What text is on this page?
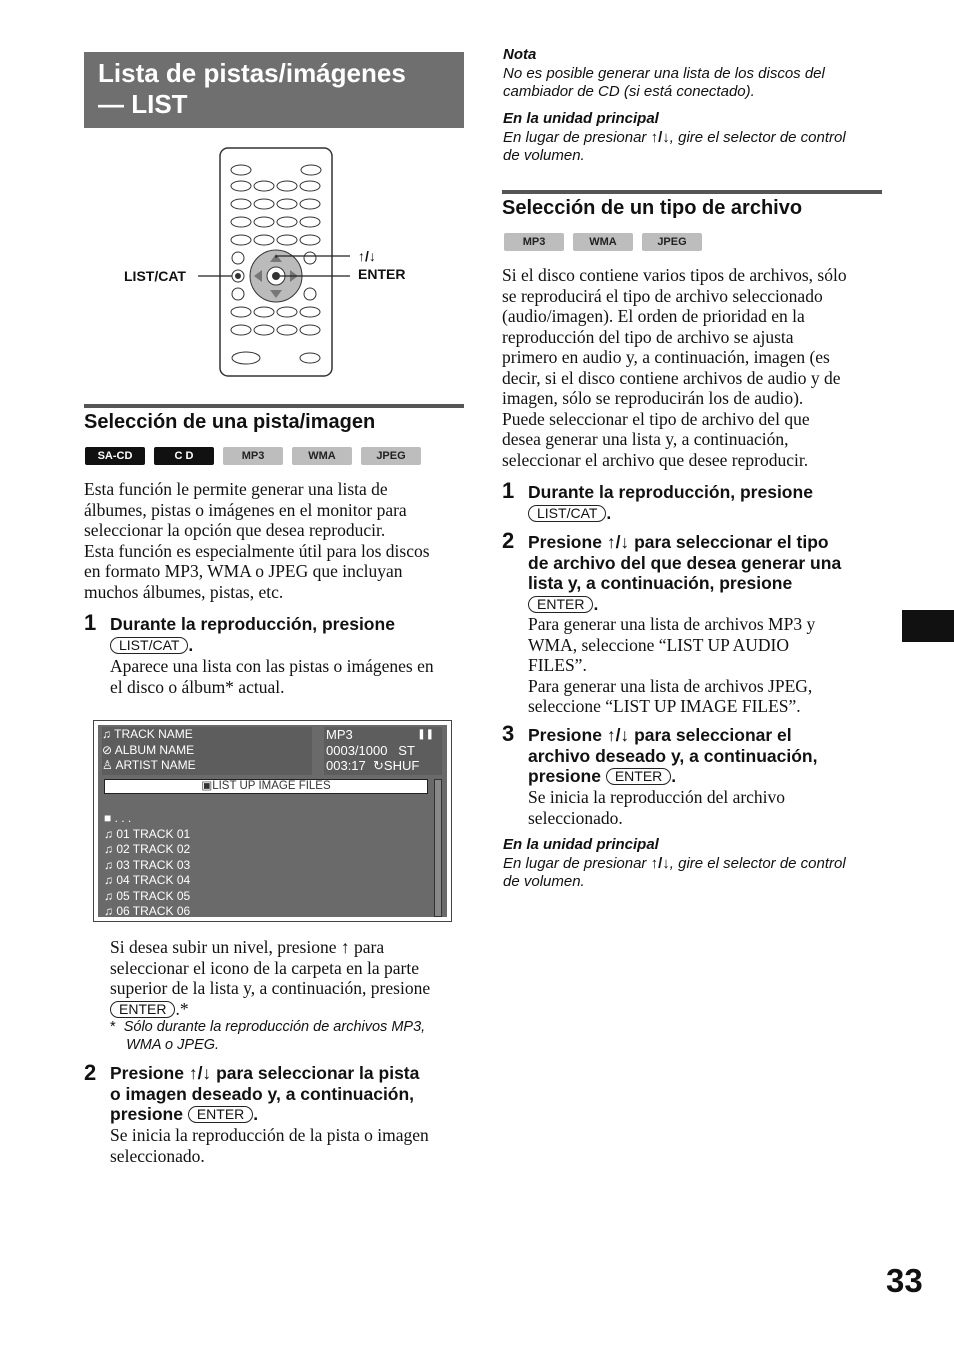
Lista de pistas/imágenes
— LIST
LIST/CAT
↑/↓
ENTER
Selección de una pista/imagen
SA-CD	C D	MP3	WMA	JPEG

Esta función le permite generar una lista de
álbumes, pistas o imágenes en el monitor para
seleccionar la opción que desea reproducir.
Esta función es especialmente útil para los discos
en formato MP3, WMA o JPEG que incluyan
muchos álbumes, pistas, etc.

1 Durante la reproducción, presione
LIST/CAT .

Aparece una lista con las pistas o imágenes en
el disco o álbum* actual.

♫ TRACK NAME
⊘ ALBUM NAME
♙ ARTIST NAME
MP3	❚❚
0003/1000 ST
003:17 ↻SHUF
▣LIST UP IMAGE FILES
■ . . .
♫ 01 TRACK 01
♫ 02 TRACK 02
♫ 03 TRACK 03
♫ 04 TRACK 04
♫ 05 TRACK 05
♫ 06 TRACK 06

Si desea subir un nivel, presione ↑ para
seleccionar el icono de la carpeta en la parte
superior de la lista y, a continuación, presione
ENTER .*

* Sólo durante la reproducción de archivos MP3,
WMA o JPEG.
2 Presione ↑/↓ para seleccionar la pista
o imagen deseado y, a continuación,
presione ENTER .

Se inicia la reproducción de la pista o imagen
seleccionado.

Nota
No es posible generar una lista de los discos del
cambiador de CD (si está conectado).
En la unidad principal
En lugar de presionar ↑/↓, gire el selector de control
de volumen.
Selección de un tipo de archivo
MP3	WMA	JPEG

Si el disco contiene varios tipos de archivos, sólo
se reproducirá el tipo de archivo seleccionado
(audio/imagen). El orden de prioridad en la
reproducción del tipo de archivo se ajusta
primero en audio y, a continuación, imagen (es
decir, si el disco contiene archivos de audio y de
imagen, sólo se reproducirán los de audio).
Puede seleccionar el tipo de archivo del que
desea generar una lista y, a continuación,
seleccionar el archivo que desee reproducir.

1 Durante la reproducción, presione
LIST/CAT .
2 Presione ↑/↓ para seleccionar el tipo
de archivo del que desea generar una
lista y, a continuación, presione
ENTER .

Para generar una lista de archivos MP3 y
WMA, seleccione “LIST UP AUDIO
FILES”.
Para generar una lista de archivos JPEG,
seleccione “LIST UP IMAGE FILES”.

3 Presione ↑/↓ para seleccionar el
archivo deseado y, a continuación,
presione ENTER .

Se inicia la reproducción del archivo
seleccionado.

En la unidad principal
En lugar de presionar ↑/↓, gire el selector de control
de volumen.
33
